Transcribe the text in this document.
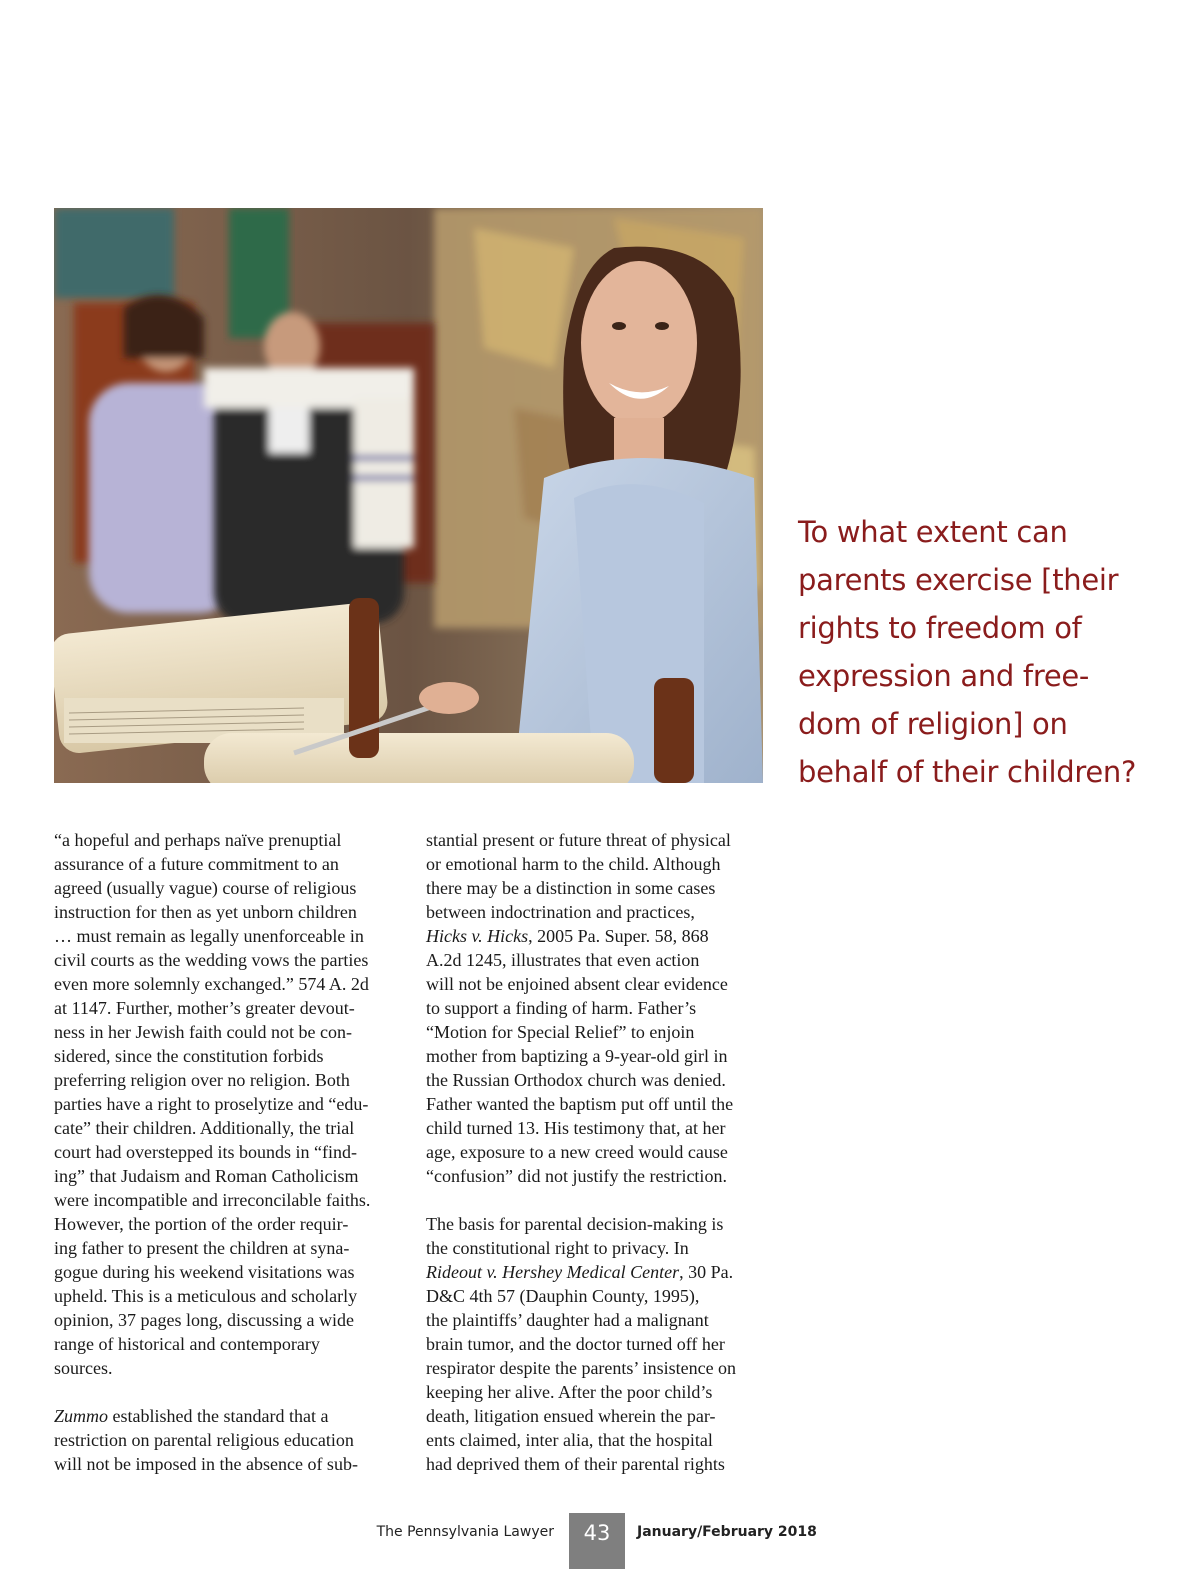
To what extent can
parents exercise [their
rights to freedom of
expression and free-
dom of religion] on
behalf of their children?
“a hopeful and perhaps naïve prenuptial
assurance of a future commitment to an
agreed (usually vague) course of religious
instruction for then as yet unborn children
… must remain as legally unenforceable in
civil courts as the wedding vows the parties
even more solemnly exchanged.” 574 A. 2d
at 1147. Further, mother’s greater devout-
ness in her Jewish faith could not be con-
sidered, since the constitution forbids
preferring religion over no religion. Both
parties have a right to proselytize and “edu-
cate” their children. Additionally, the trial
court had overstepped its bounds in “find-
ing” that Judaism and Roman Catholicism
were incompatible and irreconcilable faiths.
However, the portion of the order requir-
ing father to present the children at syna-
gogue during his weekend visitations was
upheld. This is a meticulous and scholarly
opinion, 37 pages long, discussing a wide
range of historical and contemporary
sources.
Zummo established the standard that a
restriction on parental religious education
will not be imposed in the absence of sub-
stantial present or future threat of physical
or emotional harm to the child. Although
there may be a distinction in some cases
between indoctrination and practices,
Hicks v. Hicks, 2005 Pa. Super. 58, 868
A.2d 1245, illustrates that even action
will not be enjoined absent clear evidence
to support a finding of harm. Father’s
“Motion for Special Relief” to enjoin
mother from baptizing a 9-year-old girl in
the Russian Orthodox church was denied.
Father wanted the baptism put off until the
child turned 13. His testimony that, at her
age, exposure to a new creed would cause
“confusion” did not justify the restriction.
The basis for parental decision-making is
the constitutional right to privacy. In
Rideout v. Hershey Medical Center, 30 Pa.
D&C 4th 57 (Dauphin County, 1995),
the plaintiffs’ daughter had a malignant
brain tumor, and the doctor turned off her
respirator despite the parents’ insistence on
keeping her alive. After the poor child’s
death, litigation ensued wherein the par-
ents claimed, inter alia, that the hospital
had deprived them of their parental rights
The Pennsylvania Lawyer	43	January/February 2018
